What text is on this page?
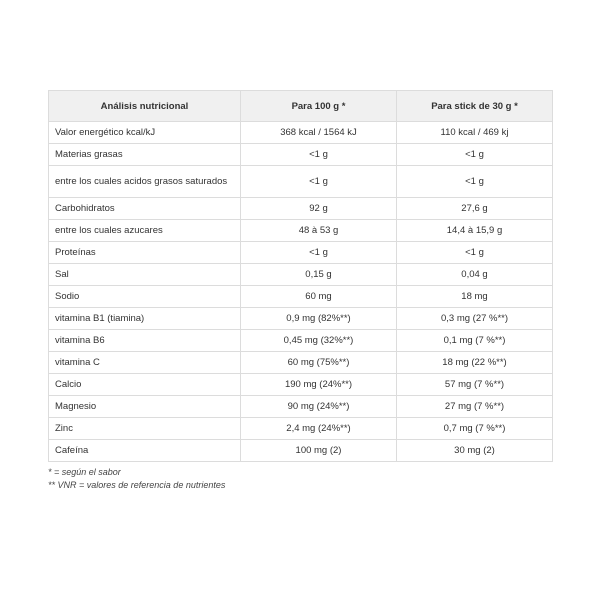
Análisis nutricional	Para 100 g *	Para stick de 30 g *
Valor energético kcal/kJ	368 kcal / 1564 kJ	110 kcal / 469 kj
Materias grasas	<1 g	<1 g
entre los cuales acidos grasos saturados	<1 g	<1 g
Carbohidratos	92 g	27,6 g
entre los cuales azucares	48 à 53 g	14,4 à 15,9 g
Proteínas	<1 g	<1 g
Sal	0,15 g	0,04 g
Sodio	60 mg	18 mg
vitamina B1 (tiamina)	0,9 mg (82%**)	0,3 mg (27 %**)
vitamina B6	0,45 mg (32%**)	0,1 mg (7 %**)
vitamina C	60 mg (75%**)	18 mg (22 %**)
Calcio	190 mg (24%**)	57 mg (7 %**)
Magnesio	90 mg (24%**)	27 mg (7 %**)
Zinc	2,4 mg (24%**)	0,7 mg (7 %**)
Cafeína	100 mg (2)	30 mg (2)
* = según el sabor
** VNR = valores de referencia de nutrientes
